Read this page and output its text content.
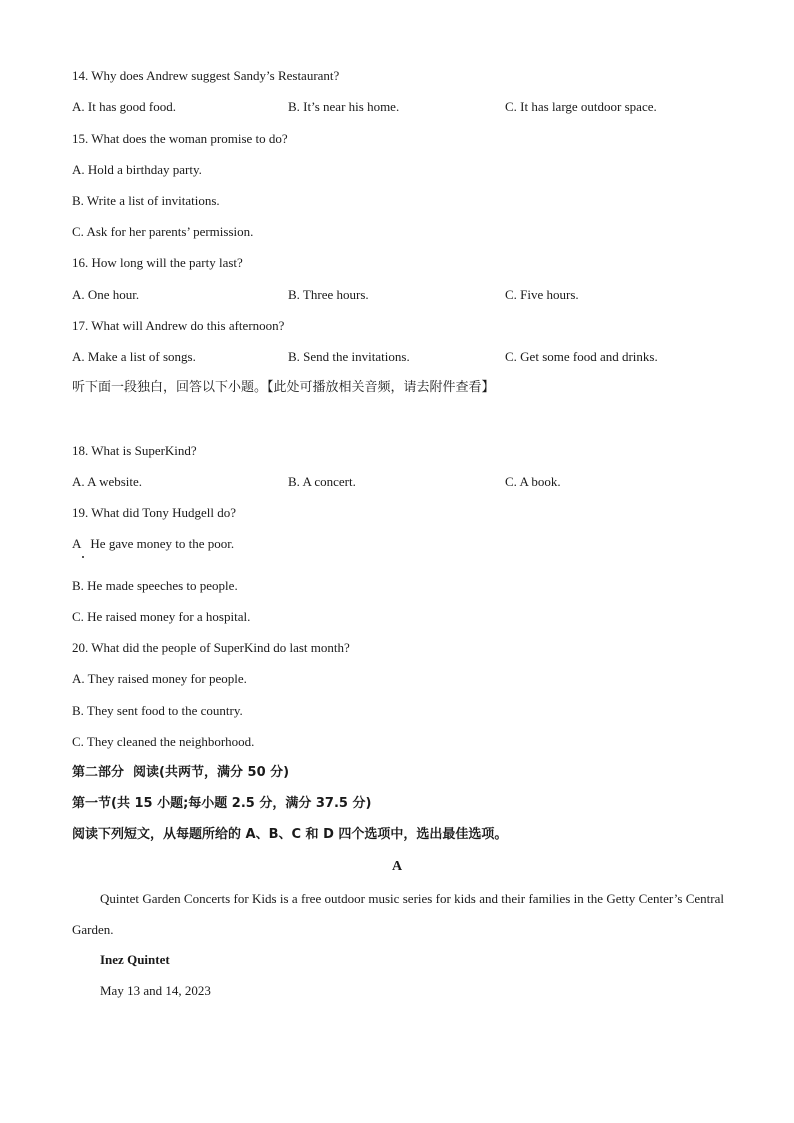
14. Why does Andrew suggest Sandy’s Restaurant?
A. It has good food.	B. It’s near his home.	C. It has large outdoor space.
15. What does the woman promise to do?
A. Hold a birthday party.
B. Write a list of invitations.
C. Ask for her parents’ permission.
16. How long will the party last?
A. One hour.	B. Three hours.	C. Five hours.
17. What will Andrew do this afternoon?
A. Make a list of songs.	B. Send the invitations.	C. Get some food and drinks.
听下面一段独白，回答以下小题。【此处可播放相关音频，请去附件查看】
18. What is SuperKind?
A. A website.	B. A concert.	C. A book.
19. What did Tony Hudgell do?
A   He gave money to the poor.
B. He made speeches to people.
C. He raised money for a hospital.
20. What did the people of SuperKind do last month?
A. They raised money for people.
B. They sent food to the country.
C. They cleaned the neighborhood.
第二部分  阅读(共两节，满分 50 分)
第一节(共 15 小题;每小题 2.5 分，满分 37.5 分)
阅读下列短文，从每题所给的 A、B、C 和 D 四个选项中，选出最佳选项。
A
Quintet Garden Concerts for Kids is a free outdoor music series for kids and their families in the Getty Center’s Central Garden.
Inez Quintet
May 13 and 14, 2023
